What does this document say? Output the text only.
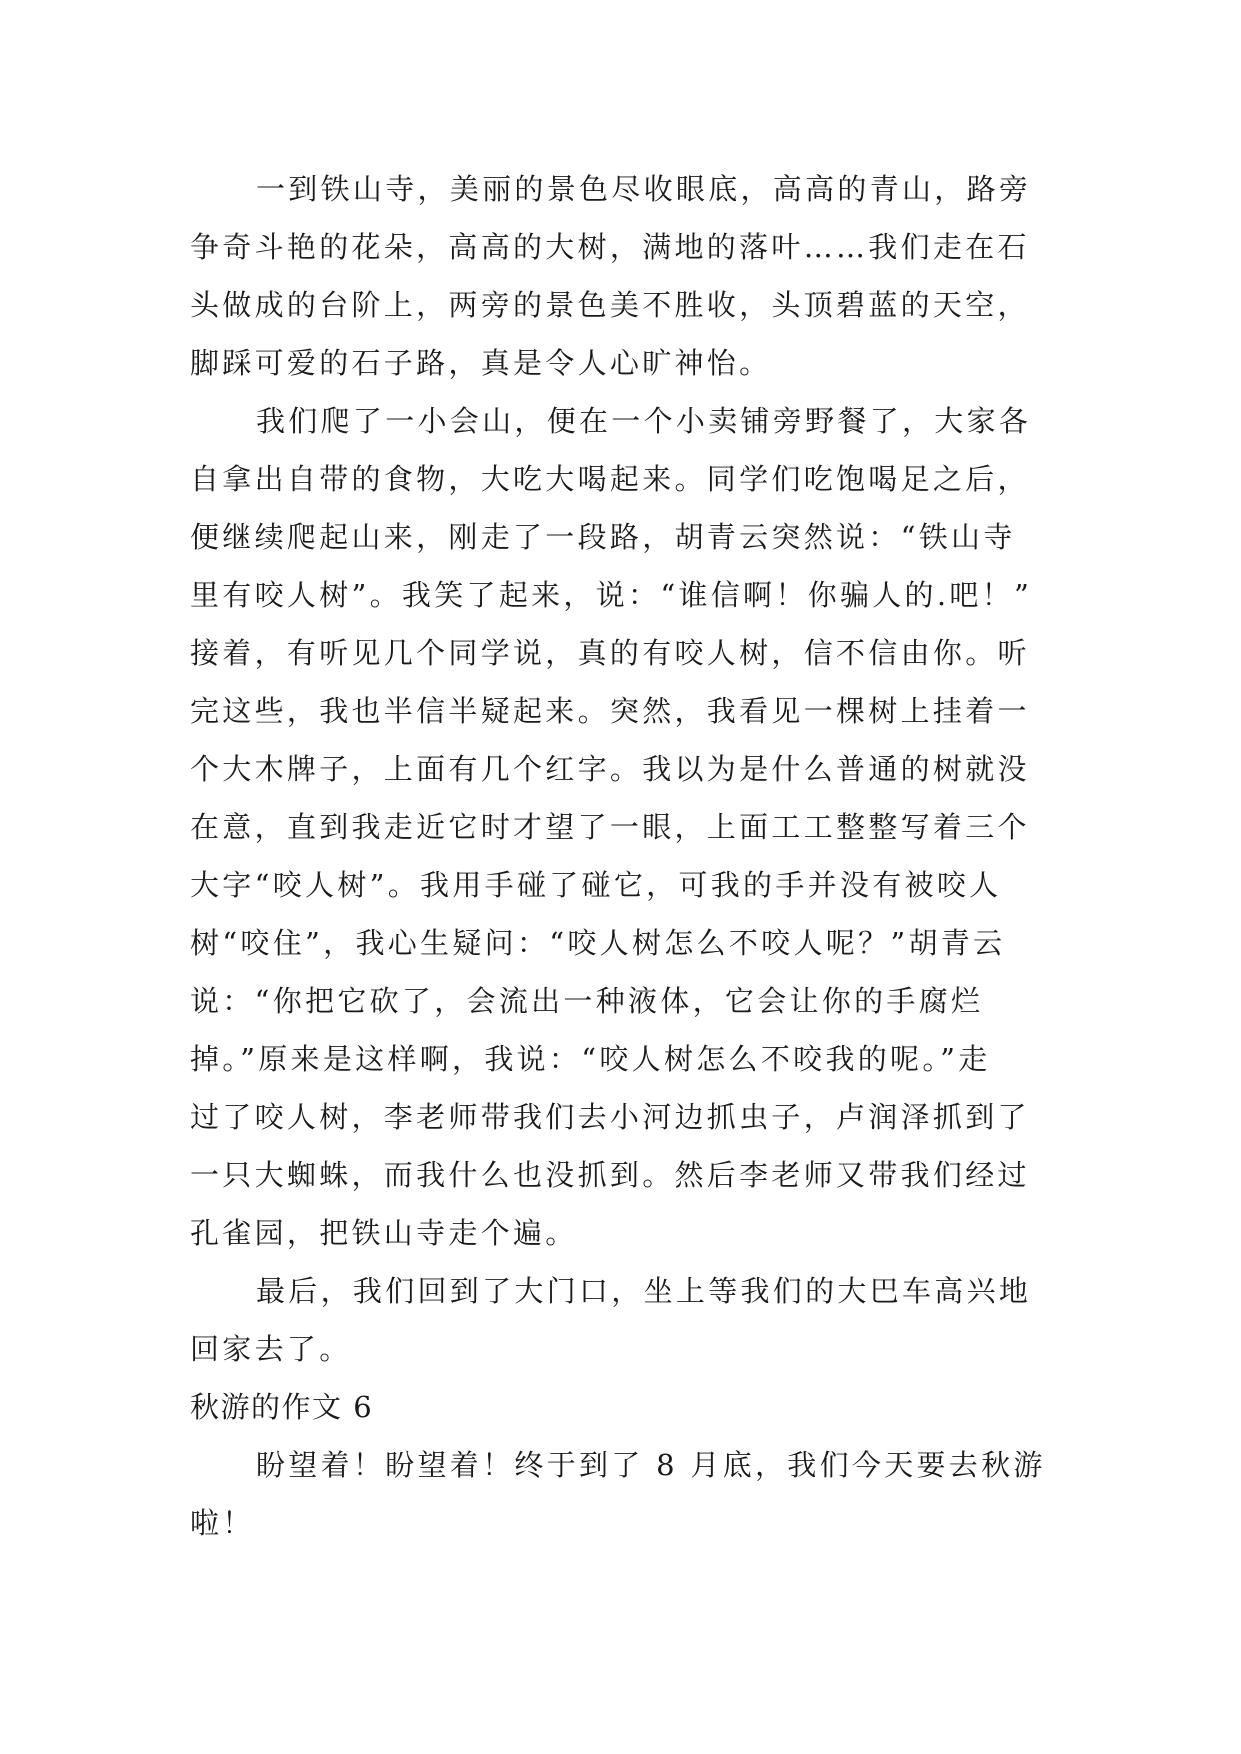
一到铁山寺，美丽的景色尽收眼底，高高的青山，路旁
争奇斗艳的花朵，高高的大树，满地的落叶……我们走在石
头做成的台阶上，两旁的景色美不胜收，头顶碧蓝的天空，
脚踩可爱的石子路，真是令人心旷神怡。
我们爬了一小会山，便在一个小卖铺旁野餐了，大家各
自拿出自带的食物，大吃大喝起来。同学们吃饱喝足之后，
便继续爬起山来，刚走了一段路，胡青云突然说：“铁山寺
里有咬人树”。我笑了起来，说：“谁信啊！你骗人的.吧！”
接着，有听见几个同学说，真的有咬人树，信不信由你。听
完这些，我也半信半疑起来。突然，我看见一棵树上挂着一
个大木牌子，上面有几个红字。我以为是什么普通的树就没
在意，直到我走近它时才望了一眼，上面工工整整写着三个
大字“咬人树”。我用手碰了碰它，可我的手并没有被咬人
树“咬住”，我心生疑问：“咬人树怎么不咬人呢？”胡青云
说：“你把它砍了，会流出一种液体，它会让你的手腐烂
掉。”原来是这样啊，我说：“咬人树怎么不咬我的呢。”走
过了咬人树，李老师带我们去小河边抓虫子，卢润泽抓到了
一只大蜘蛛，而我什么也没抓到。然后李老师又带我们经过
孔雀园，把铁山寺走个遍。
最后，我们回到了大门口，坐上等我们的大巴车高兴地
回家去了。
秋游的作文 6
盼望着！盼望着！终于到了 8 月底，我们今天要去秋游
啦！
